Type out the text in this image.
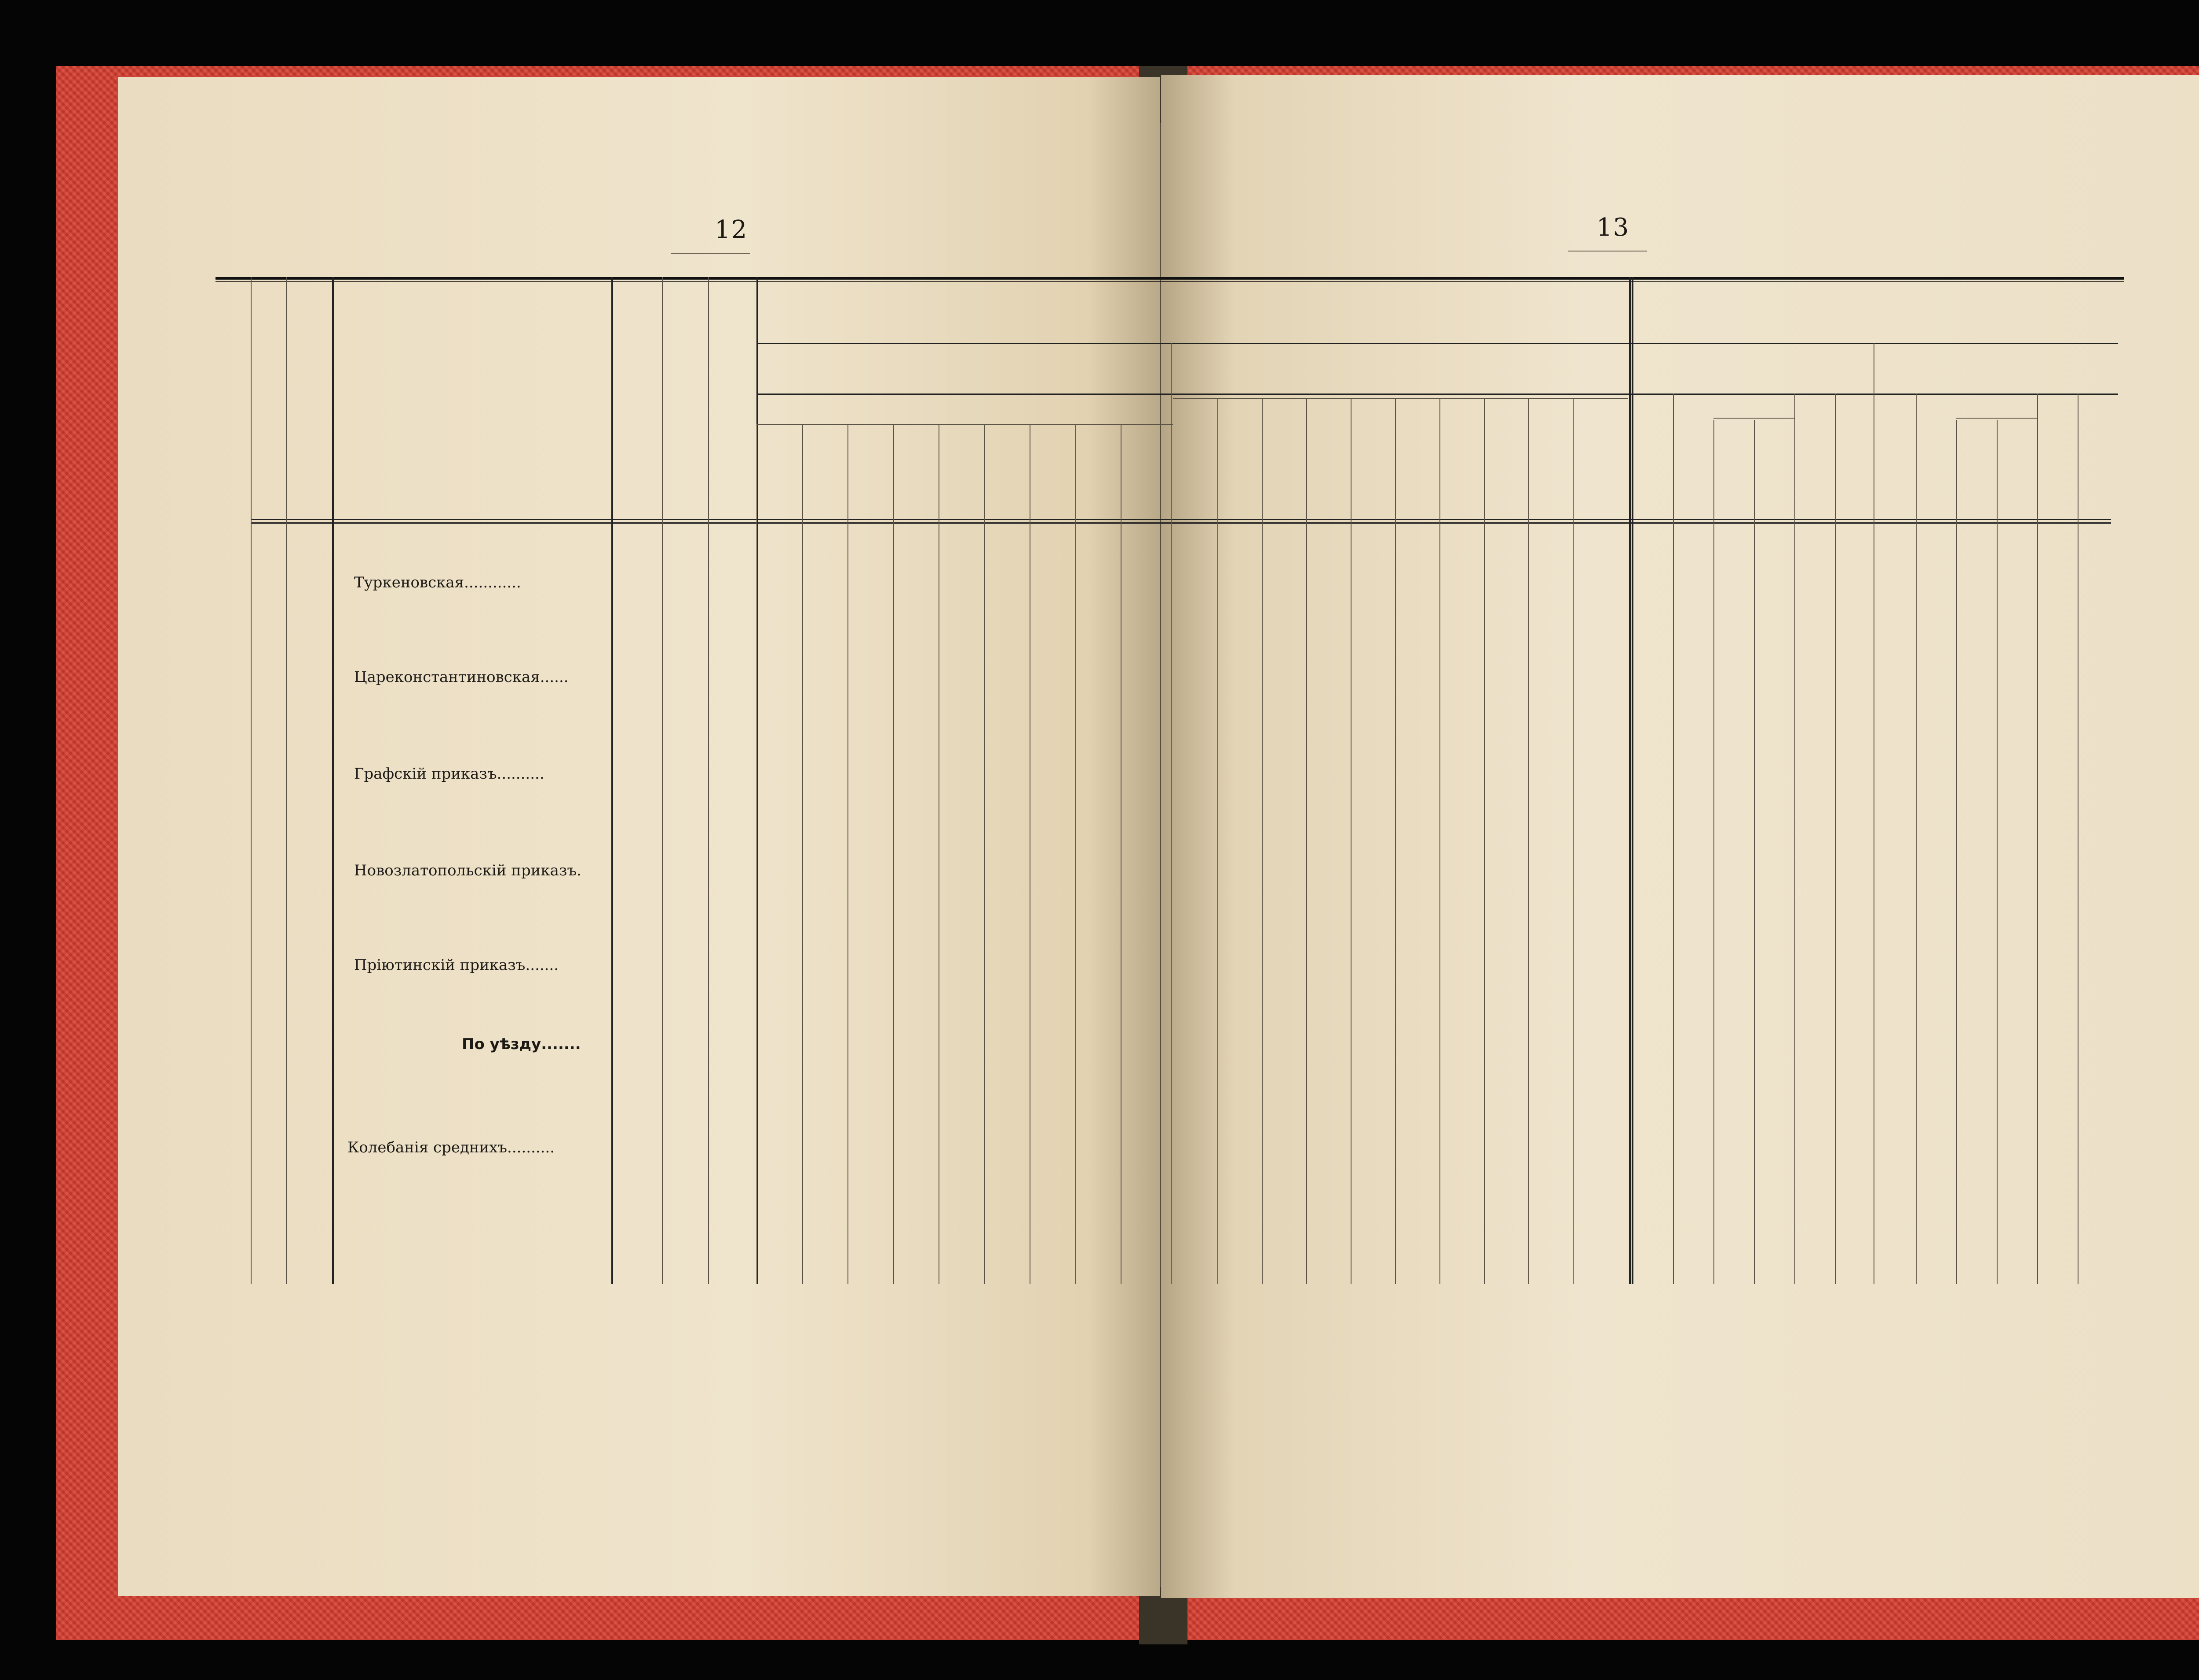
12	13
Туркеновская............
Цареконстантиновская......
Графскій приказъ..........
Новозлатопольскій приказъ.
Пріютинскій приказъ.......
По уѣзду.......
Колебанія среднихъ..........
